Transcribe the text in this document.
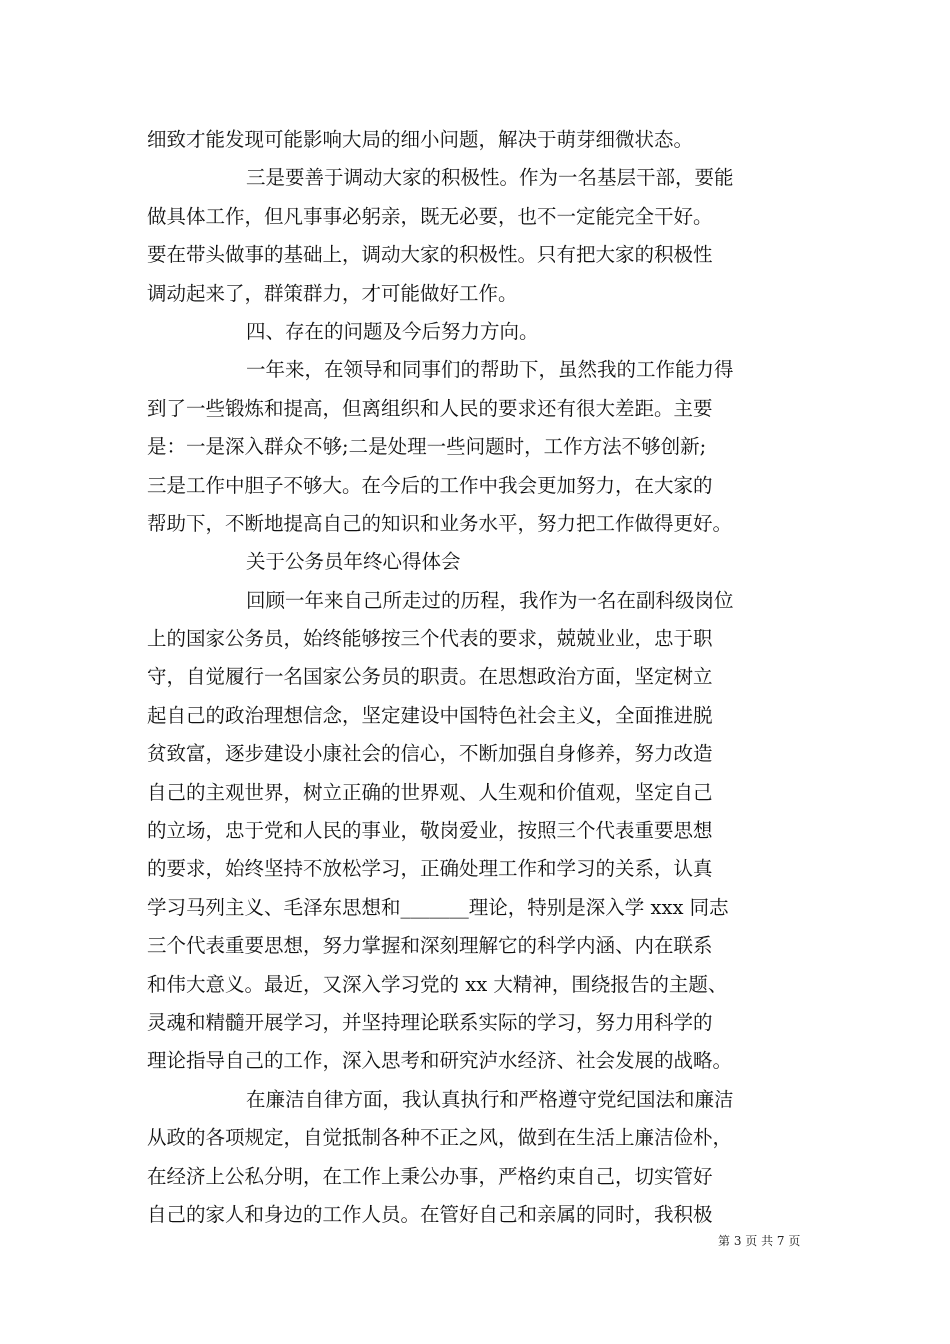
细致才能发现可能影响大局的细小问题，解决于萌芽细微状态。
三是要善于调动大家的积极性。作为一名基层干部，要能
做具体工作，但凡事事必躬亲，既无必要，也不一定能完全干好。
要在带头做事的基础上，调动大家的积极性。只有把大家的积极性
调动起来了，群策群力，才可能做好工作。
四、存在的问题及今后努力方向。
一年来，在领导和同事们的帮助下，虽然我的工作能力得
到了一些锻炼和提高，但离组织和人民的要求还有很大差距。主要
是：一是深入群众不够;二是处理一些问题时，工作方法不够创新;
三是工作中胆子不够大。在今后的工作中我会更加努力，在大家的
帮助下，不断地提高自己的知识和业务水平，努力把工作做得更好。
关于公务员年终心得体会
回顾一年来自己所走过的历程，我作为一名在副科级岗位
上的国家公务员，始终能够按三个代表的要求，兢兢业业，忠于职
守，自觉履行一名国家公务员的职责。在思想政治方面，坚定树立
起自己的政治理想信念，坚定建设中国特色社会主义，全面推进脱
贫致富，逐步建设小康社会的信心，不断加强自身修养，努力改造
自己的主观世界，树立正确的世界观、人生观和价值观，坚定自己
的立场，忠于党和人民的事业，敬岗爱业，按照三个代表重要思想
的要求，始终坚持不放松学习，正确处理工作和学习的关系，认真
学习马列主义、毛泽东思想和_______理论，特别是深入学 xxx 同志
三个代表重要思想，努力掌握和深刻理解它的科学内涵、内在联系
和伟大意义。最近，又深入学习党的 xx 大精神，围绕报告的主题、
灵魂和精髓开展学习，并坚持理论联系实际的学习，努力用科学的
理论指导自己的工作，深入思考和研究泸水经济、社会发展的战略。
在廉洁自律方面，我认真执行和严格遵守党纪国法和廉洁
从政的各项规定，自觉抵制各种不正之风，做到在生活上廉洁俭朴，
在经济上公私分明，在工作上秉公办事，严格约束自己，切实管好
自己的家人和身边的工作人员。在管好自己和亲属的同时，我积极
第 3 页 共 7 页
